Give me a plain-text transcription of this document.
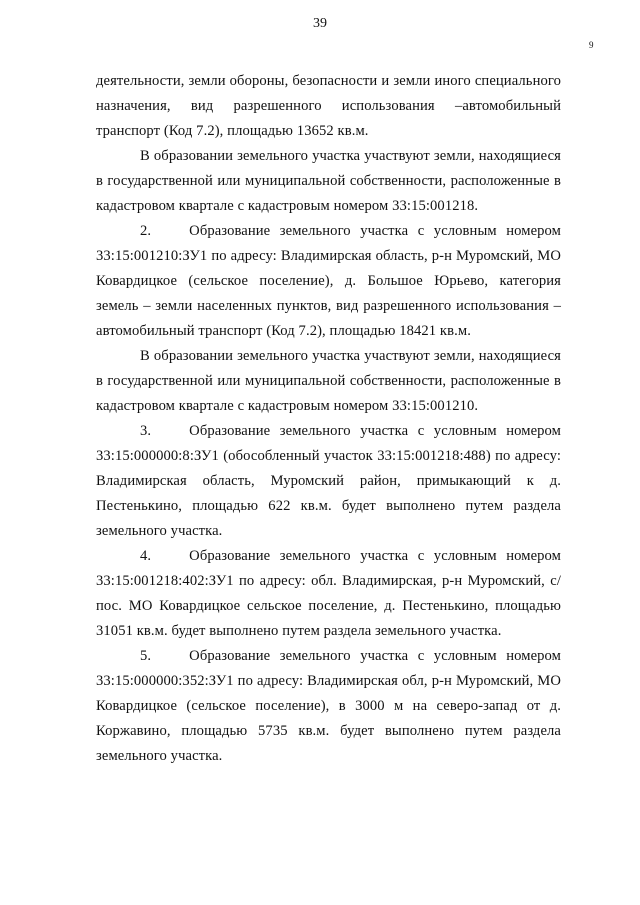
39
9

деятельности, земли обороны, безопасности и земли иного специального назначения, вид разрешенного использования –автомобильный транспорт (Код 7.2), площадью 13652 кв.м.

В образовании земельного участка участвуют земли, находящиеся в государственной или муниципальной собственности, расположенные в кадастровом квартале с кадастровым номером 33:15:001218.

2.    Образование земельного участка с условным номером 33:15:001210:ЗУ1 по адресу: Владимирская область, р-н Муромский, МО Ковардицкое (сельское поселение), д. Большое Юрьево, категория земель – земли населенных пунктов, вид разрешенного использования – автомобильный транспорт (Код 7.2), площадью 18421 кв.м.

В образовании земельного участка участвуют земли, находящиеся в государственной или муниципальной собственности, расположенные в кадастровом квартале с кадастровым номером 33:15:001210.

3.    Образование земельного участка с условным номером 33:15:000000:8:ЗУ1 (обособленный участок 33:15:001218:488) по адресу: Владимирская область, Муромский район, примыкающий к д. Пестенькино, площадью 622 кв.м. будет выполнено путем раздела земельного участка.

4.    Образование земельного участка с условным номером 33:15:001218:402:ЗУ1 по адресу: обл. Владимирская, р-н Муромский, с/пос. МО Ковардицкое сельское поселение, д. Пестенькино, площадью 31051 кв.м. будет выполнено путем раздела земельного участка.

5.    Образование земельного участка с условным номером 33:15:000000:352:ЗУ1 по адресу: Владимирская обл, р-н Муромский, МО Ковардицкое (сельское поселение), в 3000 м на северо-запад от д. Коржавино, площадью 5735 кв.м. будет выполнено путем раздела земельного участка.
